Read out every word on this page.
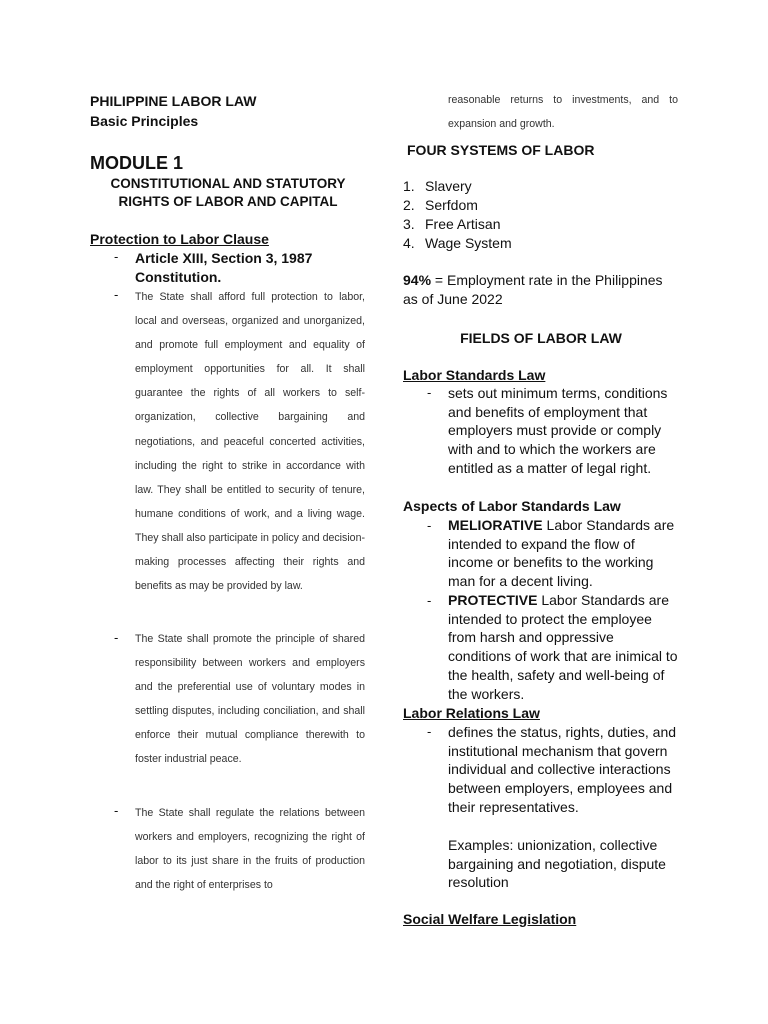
PHILIPPINE LABOR LAW
Basic Principles
MODULE 1
CONSTITUTIONAL AND STATUTORY RIGHTS OF LABOR AND CAPITAL
Protection to Labor Clause
- Article XIII, Section 3, 1987 Constitution.
- The State shall afford full protection to labor, local and overseas, organized and unorganized, and promote full employment and equality of employment opportunities for all. It shall guarantee the rights of all workers to self-organization, collective bargaining and negotiations, and peaceful concerted activities, including the right to strike in accordance with law. They shall be entitled to security of tenure, humane conditions of work, and a living wage. They shall also participate in policy and decision-making processes affecting their rights and benefits as may be provided by law.
- The State shall promote the principle of shared responsibility between workers and employers and the preferential use of voluntary modes in settling disputes, including conciliation, and shall enforce their mutual compliance therewith to foster industrial peace.
- The State shall regulate the relations between workers and employers, recognizing the right of labor to its just share in the fruits of production and the right of enterprises to
reasonable returns to investments, and to expansion and growth.
FOUR SYSTEMS OF LABOR
1. Slavery
2. Serfdom
3. Free Artisan
4. Wage System
94% = Employment rate in the Philippines as of June 2022
FIELDS OF LABOR LAW
Labor Standards Law
- sets out minimum terms, conditions and benefits of employment that employers must provide or comply with and to which the workers are entitled as a matter of legal right.
Aspects of Labor Standards Law
- MELIORATIVE Labor Standards are intended to expand the flow of income or benefits to the working man for a decent living.
- PROTECTIVE Labor Standards are intended to protect the employee from harsh and oppressive conditions of work that are inimical to the health, safety and well-being of the workers.
Labor Relations Law
- defines the status, rights, duties, and institutional mechanism that govern individual and collective interactions between employers, employees and their representatives.
Examples: unionization, collective bargaining and negotiation, dispute resolution
Social Welfare Legislation
